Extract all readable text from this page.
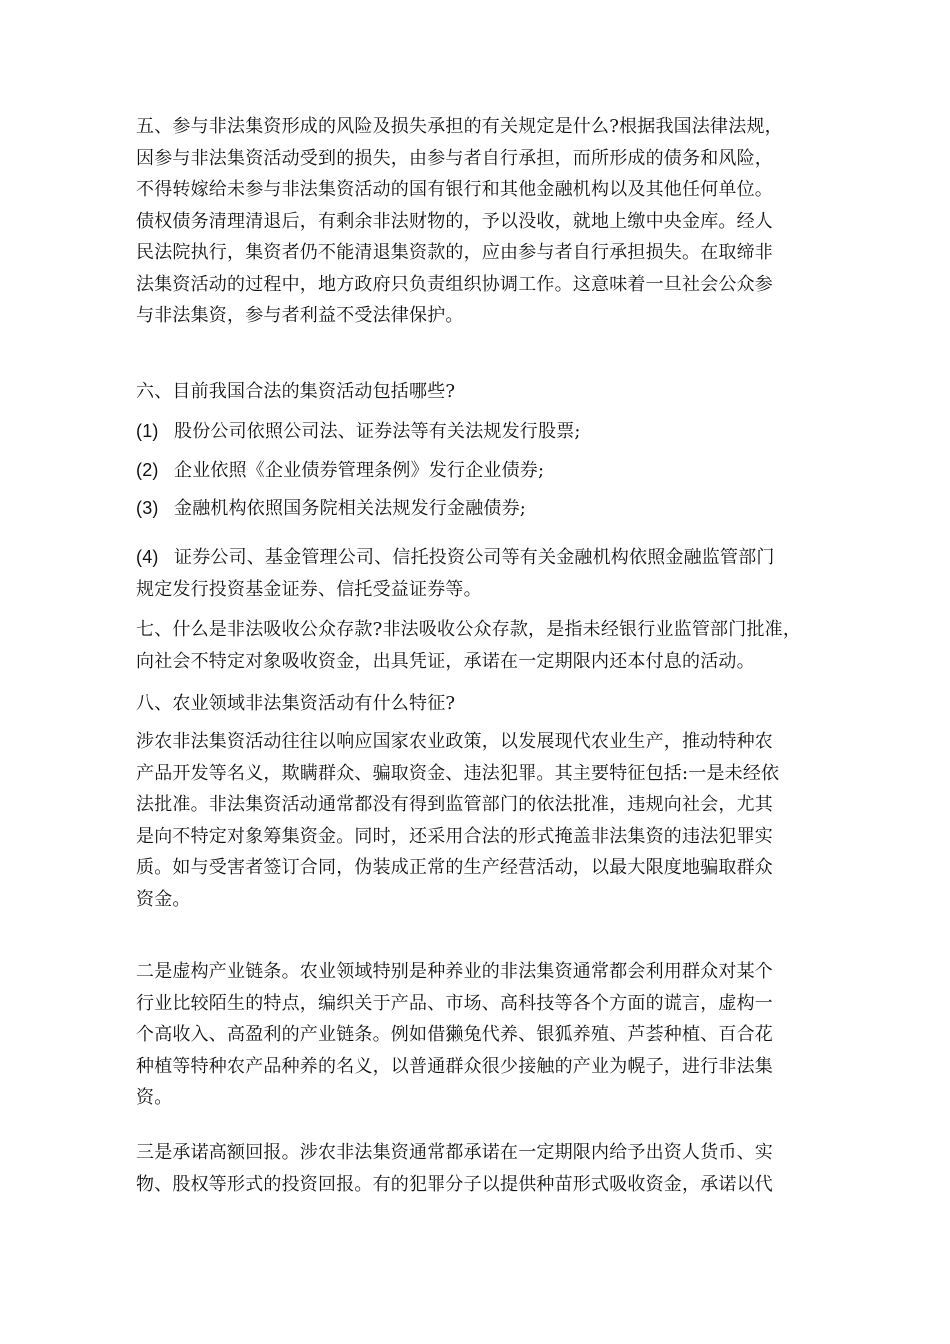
五、参与非法集资形成的风险及损失承担的有关规定是什么?根据我国法律法规，
因参与非法集资活动受到的损失，由参与者自行承担，而所形成的债务和风险，
不得转嫁给未参与非法集资活动的国有银行和其他金融机构以及其他任何单位。
债权债务清理清退后，有剩余非法财物的，予以没收，就地上缴中央金库。经人
民法院执行，集资者仍不能清退集资款的，应由参与者自行承担损失。在取缔非
法集资活动的过程中，地方政府只负责组织协调工作。这意味着一旦社会公众参
与非法集资，参与者利益不受法律保护。
六、目前我国合法的集资活动包括哪些?
(1) 股份公司依照公司法、证券法等有关法规发行股票;
(2) 企业依照《企业债券管理条例》发行企业债券;
(3) 金融机构依照国务院相关法规发行金融债券;
(4) 证券公司、基金管理公司、信托投资公司等有关金融机构依照金融监管部门
规定发行投资基金证券、信托受益证券等。
七、什么是非法吸收公众存款?非法吸收公众存款，是指未经银行业监管部门批准，
向社会不特定对象吸收资金，出具凭证，承诺在一定期限内还本付息的活动。
八、农业领域非法集资活动有什么特征?
涉农非法集资活动往往以响应国家农业政策，以发展现代农业生产，推动特种农
产品开发等名义，欺瞒群众、骗取资金、违法犯罪。其主要特征包括:一是未经依
法批准。非法集资活动通常都没有得到监管部门的依法批准，违规向社会，尤其
是向不特定对象筹集资金。同时，还采用合法的形式掩盖非法集资的违法犯罪实
质。如与受害者签订合同，伪装成正常的生产经营活动，以最大限度地骗取群众
资金。
二是虚构产业链条。农业领域特别是种养业的非法集资通常都会利用群众对某个
行业比较陌生的特点，编织关于产品、市场、高科技等各个方面的谎言，虚构一
个高收入、高盈利的产业链条。例如借獭兔代养、银狐养殖、芦荟种植、百合花
种植等特种农产品种养的名义，以普通群众很少接触的产业为幌子，进行非法集
资。
三是承诺高额回报。涉农非法集资通常都承诺在一定期限内给予出资人货币、实
物、股权等形式的投资回报。有的犯罪分子以提供种苗形式吸收资金，承诺以代
